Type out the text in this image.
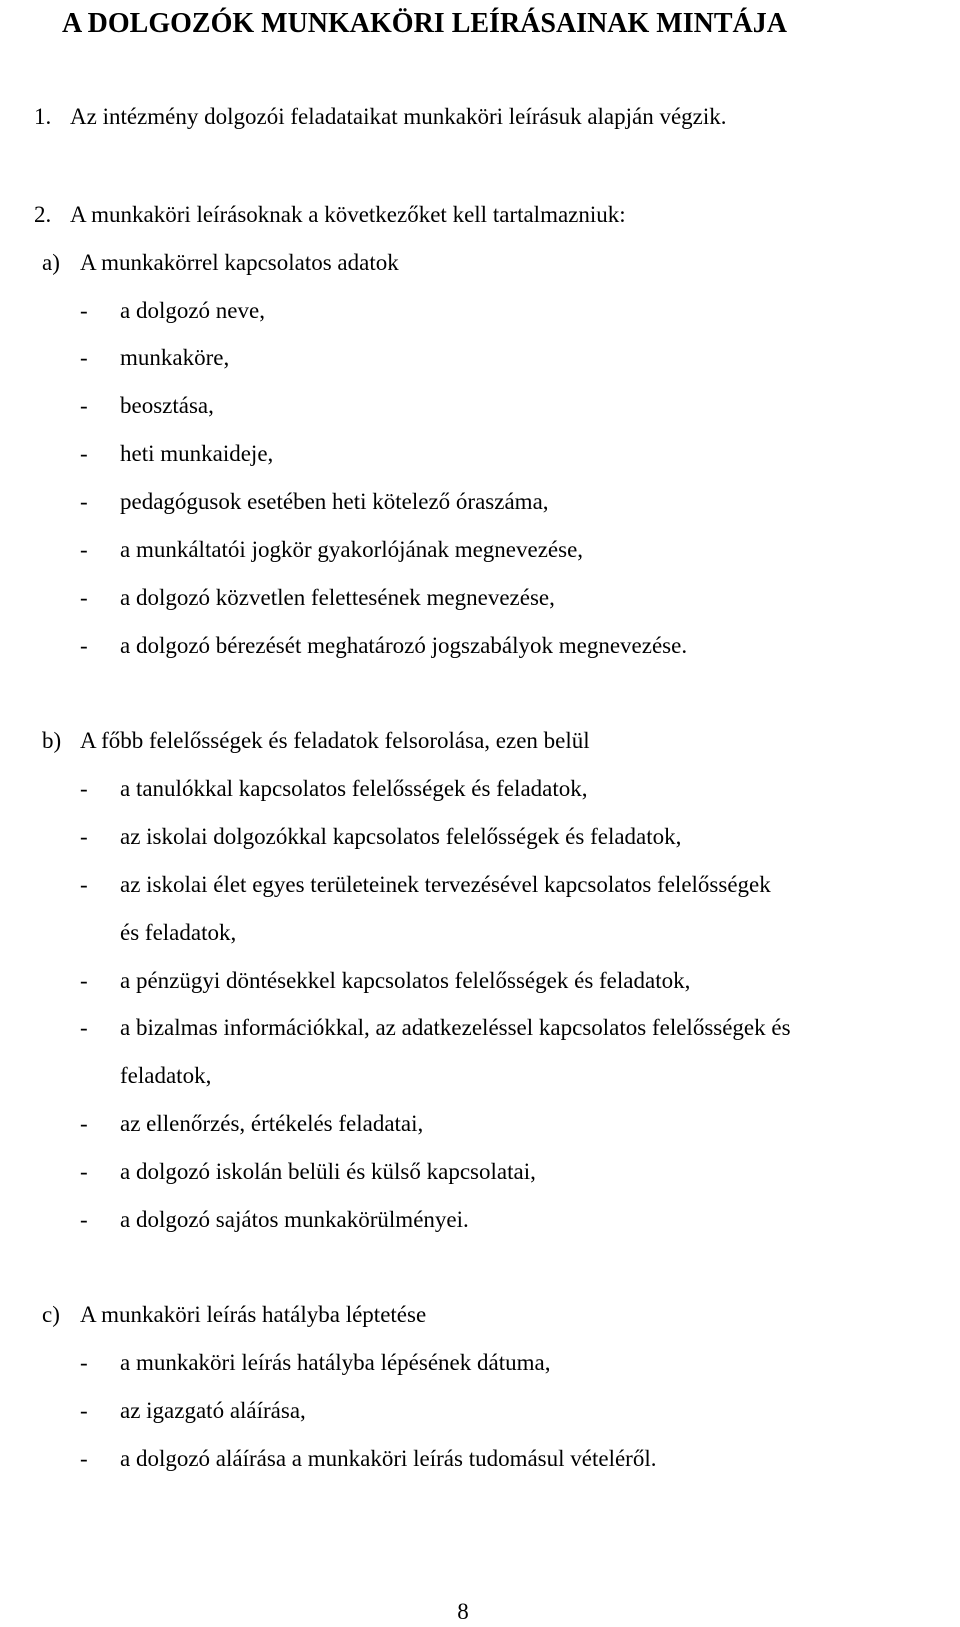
A DOLGOZÓK MUNKAKÖRI LEÍRÁSAINAK MINTÁJA
1. Az intézmény dolgozói feladataikat munkaköri leírásuk alapján végzik.
2. A munkaköri leírásoknak a következőket kell tartalmazniuk:
a) A munkakörrel kapcsolatos adatok
- a dolgozó neve,
- munkaköre,
- beosztása,
- heti munkaideje,
- pedagógusok esetében heti kötelező óraszáma,
- a munkáltatói jogkör gyakorlójának megnevezése,
- a dolgozó közvetlen felettesének megnevezése,
- a dolgozó bérezését meghatározó jogszabályok megnevezése.
b) A főbb felelősségek és feladatok felsorolása, ezen belül
- a tanulókkal kapcsolatos felelősségek és feladatok,
- az iskolai dolgozókkal kapcsolatos felelősségek és feladatok,
- az iskolai élet egyes területeinek tervezésével kapcsolatos felelősségek
és feladatok,
- a pénzügyi döntésekkel kapcsolatos felelősségek és feladatok,
- a bizalmas információkkal, az adatkezeléssel kapcsolatos felelősségek és
feladatok,
- az ellenőrzés, értékelés feladatai,
- a dolgozó iskolán belüli és külső kapcsolatai,
- a dolgozó sajátos munkakörülményei.
c) A munkaköri leírás hatályba léptetése
- a munkaköri leírás hatályba lépésének dátuma,
- az igazgató aláírása,
- a dolgozó aláírása a munkaköri leírás tudomásul vételéről.
8
